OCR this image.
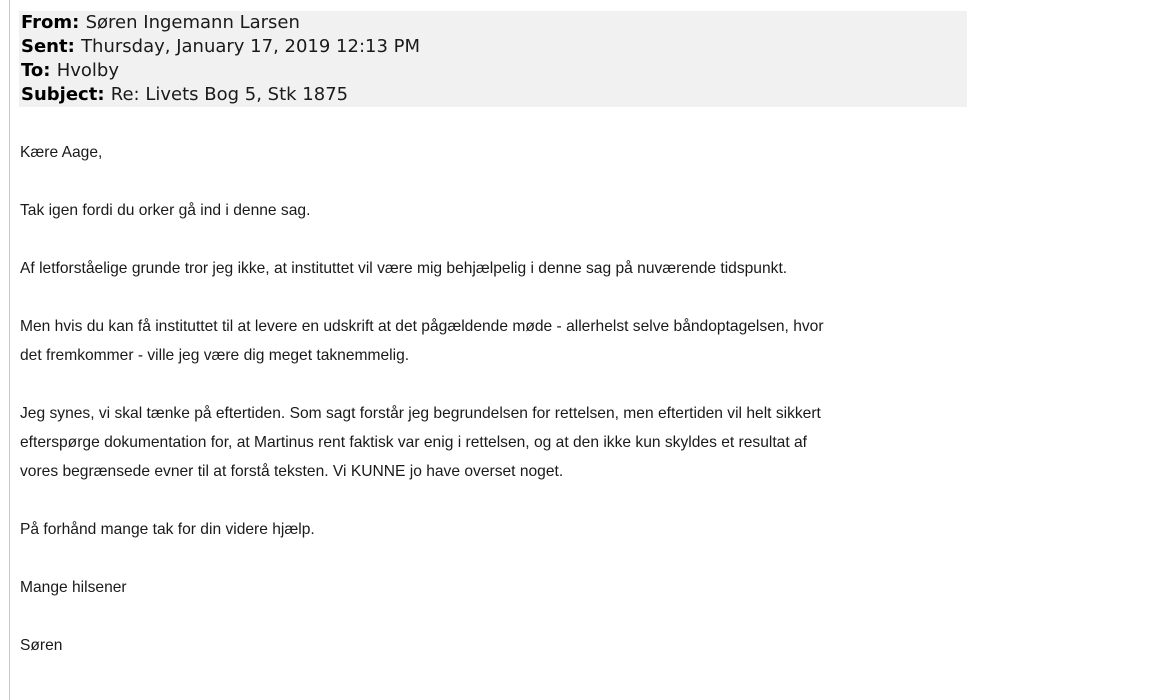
From: Søren Ingemann Larsen
Sent: Thursday, January 17, 2019 12:13 PM
To: Hvolby
Subject: Re: Livets Bog 5, Stk 1875

Kære Aage,

Tak igen fordi du orker gå ind i denne sag.

Af letforståelige grunde tror jeg ikke, at instituttet vil være mig behjælpelig i denne sag på nuværende tidspunkt.

Men hvis du kan få instituttet til at levere en udskrift at det pågældende møde - allerhelst selve båndoptagelsen, hvor
det fremkommer - ville jeg være dig meget taknemmelig.

Jeg synes, vi skal tænke på eftertiden. Som sagt forstår jeg begrundelsen for rettelsen, men eftertiden vil helt sikkert
efterspørge dokumentation for, at Martinus rent faktisk var enig i rettelsen, og at den ikke kun skyldes et resultat af
vores begrænsede evner til at forstå teksten. Vi KUNNE jo have overset noget.

På forhånd mange tak for din videre hjælp.

Mange hilsener

Søren
